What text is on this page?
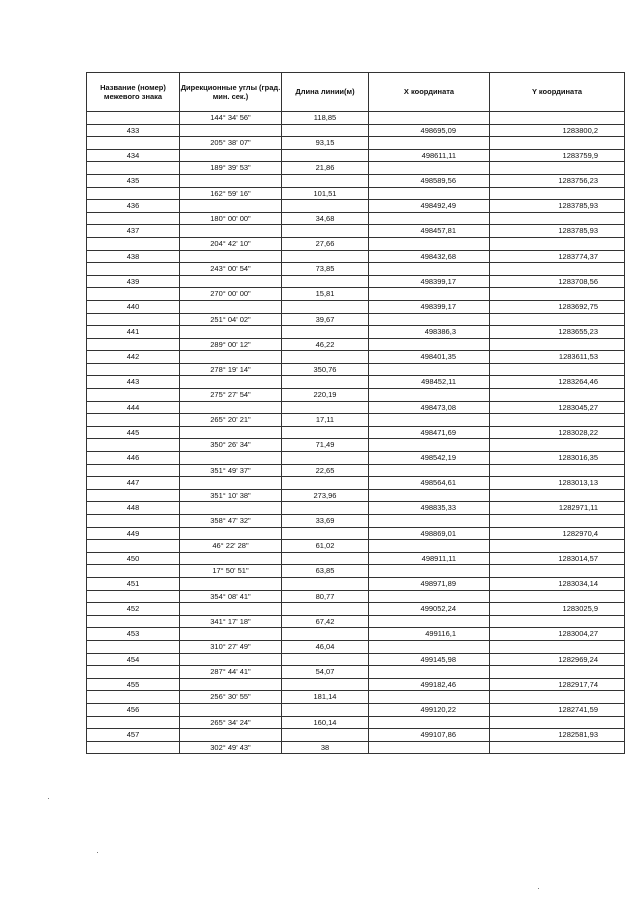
Название (номер) межевого знака	Дирекционные углы (град. мин. сек.)	Длина линии(м)	X координата	Y координата
	144° 34' 56"	118,85		
433			498695,09	1283800,2
	205° 38' 07"	93,15		
434			498611,11	1283759,9
	189° 39' 53"	21,86		
435			498589,56	1283756,23
	162° 59' 16"	101,51		
436			498492,49	1283785,93
	180° 00' 00"	34,68		
437			498457,81	1283785,93
	204° 42' 10"	27,66		
438			498432,68	1283774,37
	243° 00' 54"	73,85		
439			498399,17	1283708,56
	270° 00' 00"	15,81		
440			498399,17	1283692,75
	251° 04' 02"	39,67		
441			498386,3	1283655,23
	289° 00' 12"	46,22		
442			498401,35	1283611,53
	278° 19' 14"	350,76		
443			498452,11	1283264,46
	275° 27' 54"	220,19		
444			498473,08	1283045,27
	265° 20' 21"	17,11		
445			498471,69	1283028,22
	350° 26' 34"	71,49		
446			498542,19	1283016,35
	351° 49' 37"	22,65		
447			498564,61	1283013,13
	351° 10' 38"	273,96		
448			498835,33	1282971,11
	358° 47' 32"	33,69		
449			498869,01	1282970,4
	46° 22' 28"	61,02		
450			498911,11	1283014,57
	17° 50' 51"	63,85		
451			498971,89	1283034,14
	354° 08' 41"	80,77		
452			499052,24	1283025,9
	341° 17' 18"	67,42		
453			499116,1	1283004,27
	310° 27' 49"	46,04		
454			499145,98	1282969,24
	287° 44' 41"	54,07		
455			499182,46	1282917,74
	256° 30' 55"	181,14		
456			499120,22	1282741,59
	265° 34' 24"	160,14		
457			499107,86	1282581,93
	302° 49' 43"	38		
